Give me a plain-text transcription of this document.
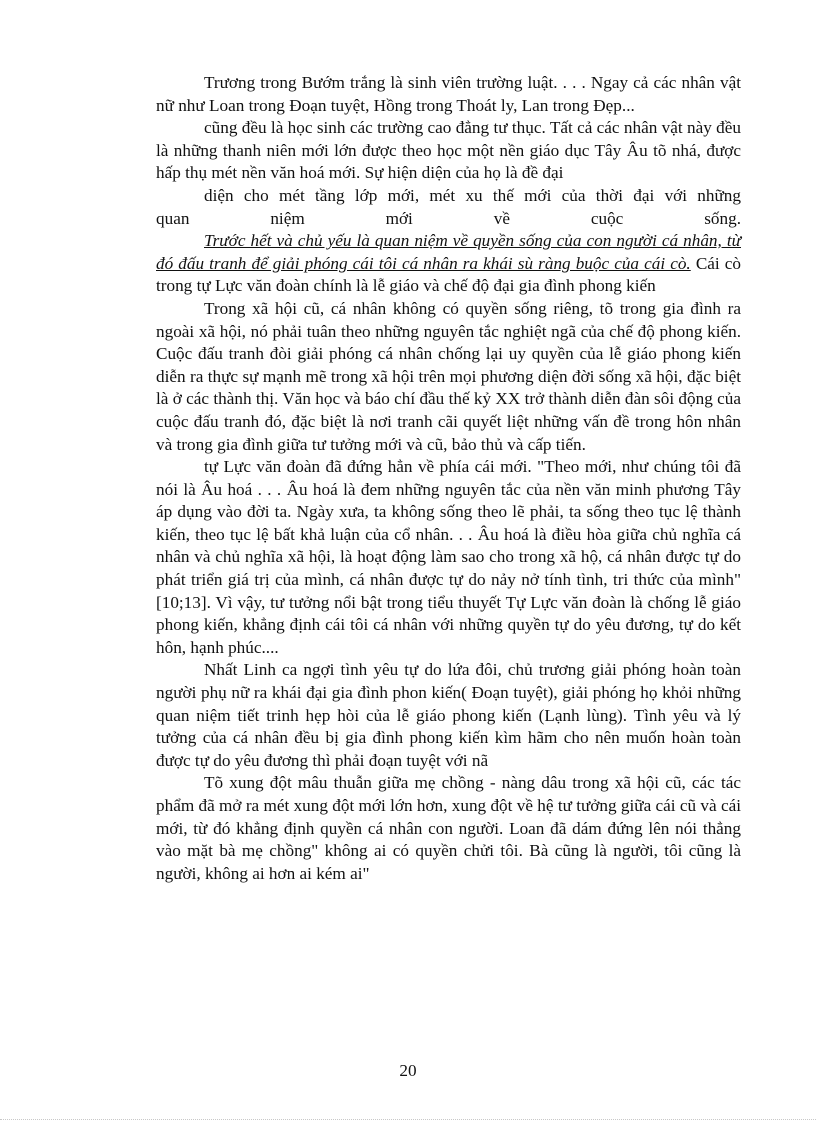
Trương trong Bướm trắng là sinh viên trường luật. . . . Ngay cả các nhân vật nữ như Loan trong Đoạn tuyệt, Hồng trong Thoát ly, Lan trong Đẹp...

cũng đều là học sinh các trường cao đẳng tư thục. Tất cả các nhân vật này đều là những thanh niên mới lớn được theo học một nền giáo dục Tây Âu tõ nhá, được hấp thụ mét nền văn hoá mới. Sự hiện diện của họ là đề đại

diện cho mét tầng lớp mới, mét xu thế mới của thời đại với những

quan niệm mới về cuộc sống.

Trước hết và chủ yếu là quan niệm về quyền sống của con người cá nhân, từ đó đấu tranh để giải phóng cái tôi cá nhân ra khái sù ràng buộc của cái cò. Cái cò trong tự Lực văn đoàn chính là lễ giáo và chế độ đại gia đình phong kiến

Trong xã hội cũ, cá nhân không có quyền sống riêng, tõ trong gia đình ra ngoài xã hội, nó phải tuân theo những nguyên tắc nghiệt ngã của chế độ phong kiến. Cuộc đấu tranh đòi giải phóng cá nhân chống lại uy quyền của lễ giáo phong kiến diễn ra thực sự mạnh mẽ trong xã hội trên mọi phương diện đời sống xã hội, đặc biệt là ở các thành thị. Văn học và báo chí đầu thế kỷ XX trở thành diễn đàn sôi động của cuộc đấu tranh đó, đặc biệt là nơi tranh cãi quyết liệt những vấn đề trong hôn nhân và trong gia đình giữa tư tưởng mới và cũ, bảo thủ và cấp tiến.

tự Lực văn đoàn đã đứng hẳn về phía cái mới. "Theo mới, như chúng tôi đã nói là Âu hoá . . . Âu hoá là đem những nguyên tắc của nền văn minh phương Tây áp dụng vào đời ta. Ngày xưa, ta không sống theo lẽ phải, ta sống theo tục lệ thành kiến, theo tục lệ bất khả luận của cổ nhân. . . Âu hoá là điều hòa giữa chủ nghĩa cá nhân và chủ nghĩa xã hội, là hoạt động làm sao cho trong xã hộ, cá nhân được tự do phát triển giá trị của mình, cá nhân được tự do nảy nở tính tình, tri thức của mình"[10;13]. Vì vậy, tư tưởng nổi bật trong tiểu thuyết Tự Lực văn đoàn là chống lễ giáo phong kiến, khẳng định cái tôi cá nhân với những quyền tự do yêu đương, tự do kết hôn, hạnh phúc....

Nhất Linh ca ngợi tình yêu tự do lứa đôi, chủ trương giải phóng hoàn toàn người phụ nữ ra khái đại gia đình phon kiến( Đoạn tuyệt), giải phóng họ khỏi những quan niệm tiết trinh hẹp hòi của lễ giáo phong kiến (Lạnh lùng). Tình yêu và lý tưởng của cá nhân đều bị gia đình phong kiến kìm hãm cho nên muốn hoàn toàn được tự do yêu đương thì phải đoạn tuyệt với nã

Tõ xung đột mâu thuẫn giữa mẹ chồng - nàng dâu trong xã hội cũ, các tác phẩm đã mở ra mét xung đột mới lớn hơn, xung đột về hệ tư tưởng giữa cái cũ và cái mới, từ đó khẳng định quyền cá nhân con người. Loan đã dám đứng lên nói thẳng vào mặt bà mẹ chồng" không ai có quyền chửi tôi. Bà cũng là người, tôi cũng là người, không ai hơn ai kém ai"

20
